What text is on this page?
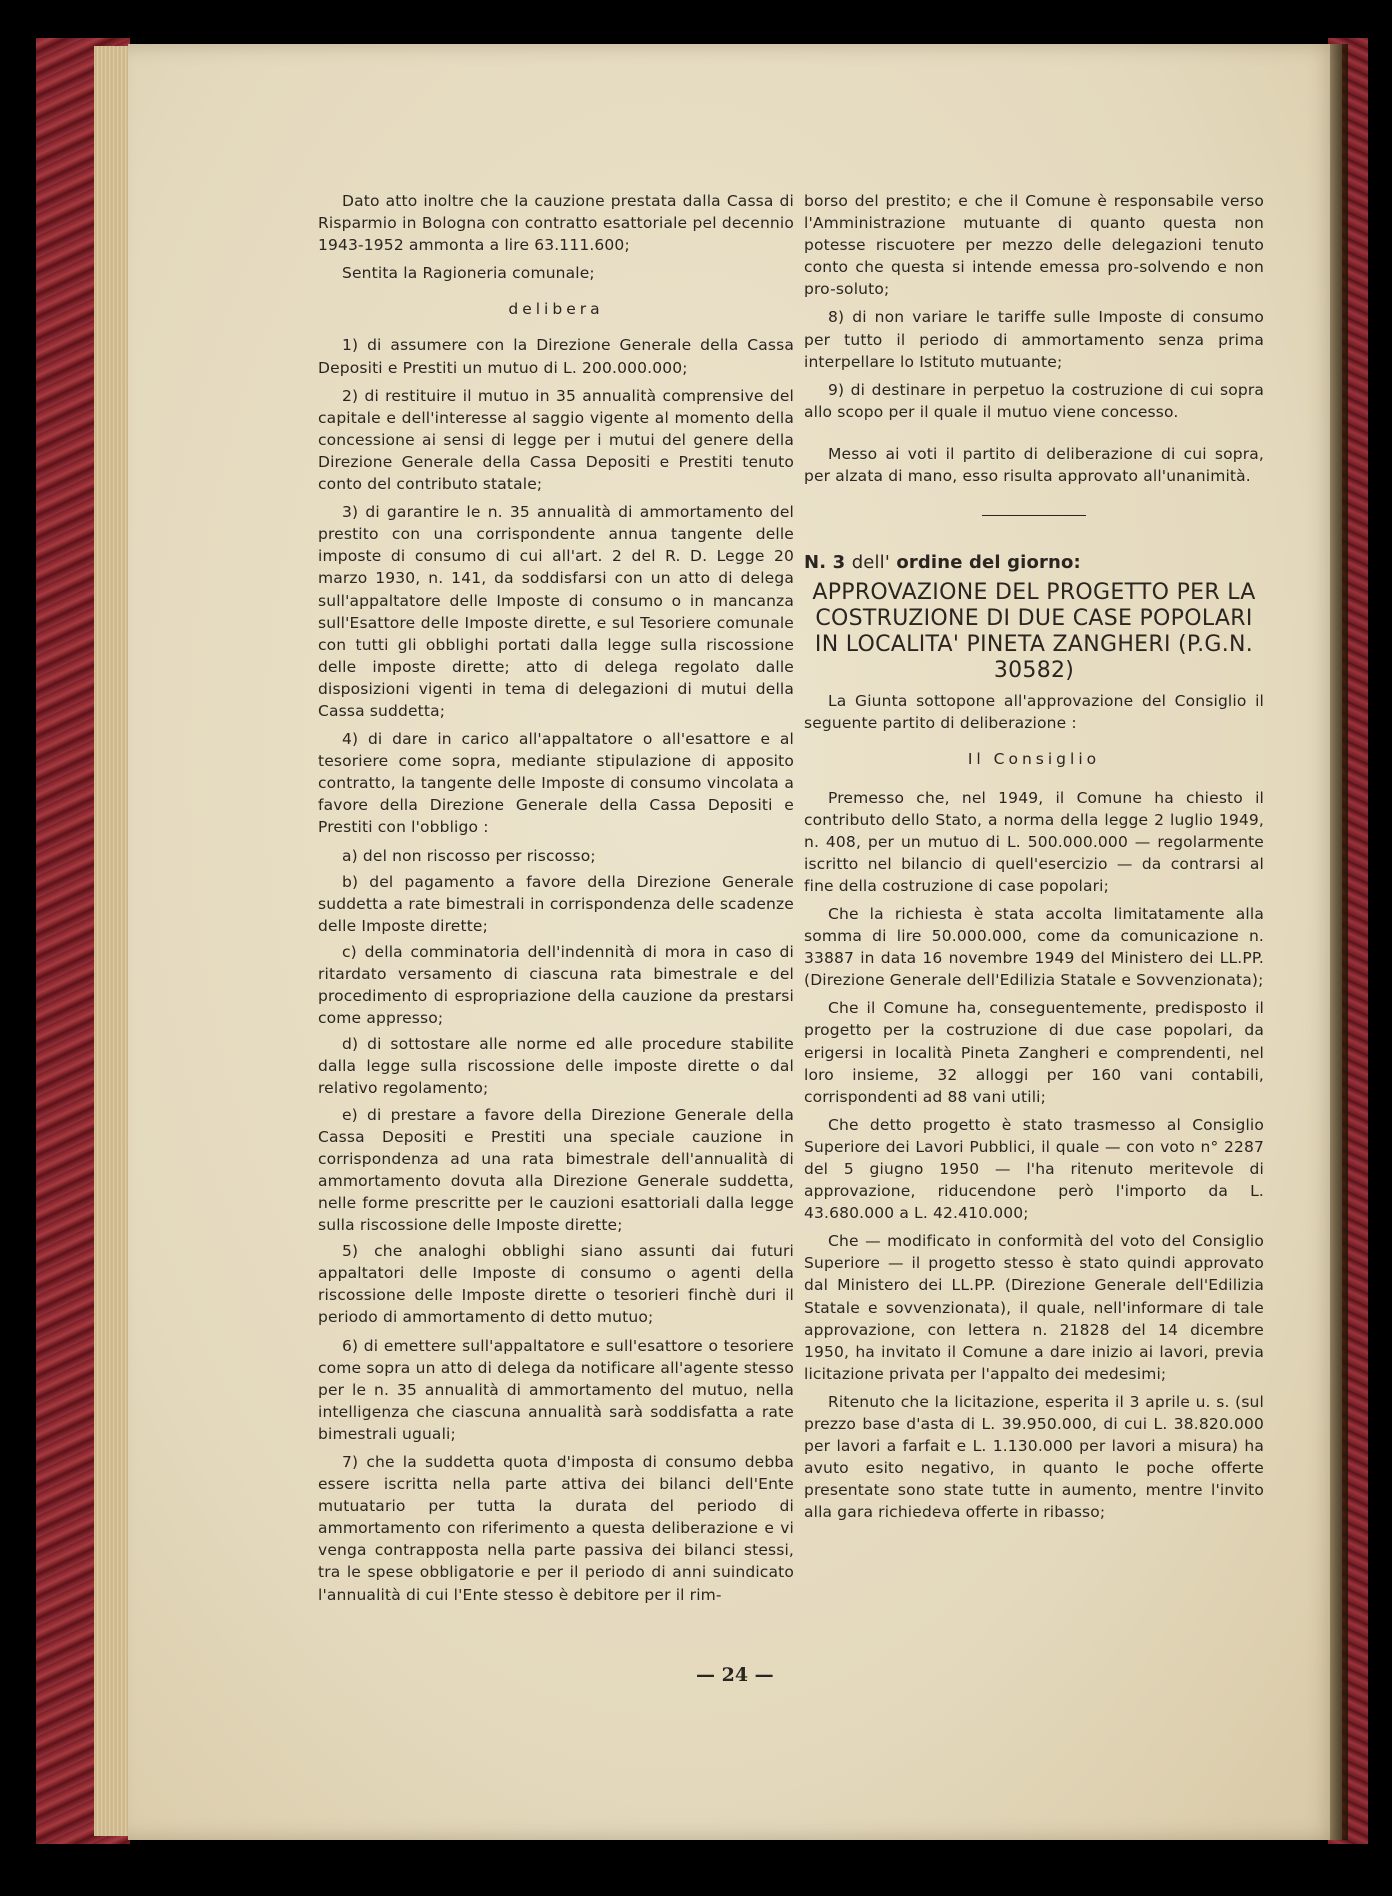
Dato atto inoltre che la cauzione prestata dalla Cassa di Risparmio in Bologna con contratto esattoriale pel decennio 1943-1952 ammonta a lire 63.111.600;

Sentita la Ragioneria comunale;

delibera

1) di assumere con la Direzione Generale della Cassa Depositi e Prestiti un mutuo di L. 200.000.000;

2) di restituire il mutuo in 35 annualità comprensive del capitale e dell'interesse al saggio vigente al momento della concessione ai sensi di legge per i mutui del genere della Direzione Generale della Cassa Depositi e Prestiti tenuto conto del contributo statale;

3) di garantire le n. 35 annualità di ammortamento del prestito con una corrispondente annua tangente delle imposte di consumo di cui all'art. 2 del R. D. Legge 20 marzo 1930, n. 141, da soddisfarsi con un atto di delega sull'appaltatore delle Imposte di consumo o in mancanza sull'Esattore delle Imposte dirette, e sul Tesoriere comunale con tutti gli obblighi portati dalla legge sulla riscossione delle imposte dirette; atto di delega regolato dalle disposizioni vigenti in tema di delegazioni di mutui della Cassa suddetta;

4) di dare in carico all'appaltatore o all'esattore e al tesoriere come sopra, mediante stipulazione di apposito contratto, la tangente delle Imposte di consumo vincolata a favore della Direzione Generale della Cassa Depositi e Prestiti con l'obbligo :

a) del non riscosso per riscosso;

b) del pagamento a favore della Direzione Generale suddetta a rate bimestrali in corrispondenza delle scadenze delle Imposte dirette;

c) della comminatoria dell'indennità di mora in caso di ritardato versamento di ciascuna rata bimestrale e del procedimento di espropriazione della cauzione da prestarsi come appresso;

d) di sottostare alle norme ed alle procedure stabilite dalla legge sulla riscossione delle imposte dirette o dal relativo regolamento;

e) di prestare a favore della Direzione Generale della Cassa Depositi e Prestiti una speciale cauzione in corrispondenza ad una rata bimestrale dell'annualità di ammortamento dovuta alla Direzione Generale suddetta, nelle forme prescritte per le cauzioni esattoriali dalla legge sulla riscossione delle Imposte dirette;

5) che analoghi obblighi siano assunti dai futuri appaltatori delle Imposte di consumo o agenti della riscossione delle Imposte dirette o tesorieri finchè duri il periodo di ammortamento di detto mutuo;

6) di emettere sull'appaltatore e sull'esattore o tesoriere come sopra un atto di delega da notificare all'agente stesso per le n. 35 annualità di ammortamento del mutuo, nella intelligenza che ciascuna annualità sarà soddisfatta a rate bimestrali uguali;

7) che la suddetta quota d'imposta di consumo debba essere iscritta nella parte attiva dei bilanci dell'Ente mutuatario per tutta la durata del periodo di ammortamento con riferimento a questa deliberazione e vi venga contrapposta nella parte passiva dei bilanci stessi, tra le spese obbligatorie e per il periodo di anni suindicato l'annualità di cui l'Ente stesso è debitore per il rim-

borso del prestito; e che il Comune è responsabile verso l'Amministrazione mutuante di quanto questa non potesse riscuotere per mezzo delle delegazioni tenuto conto che questa si intende emessa pro-solvendo e non pro-soluto;

8) di non variare le tariffe sulle Imposte di consumo per tutto il periodo di ammortamento senza prima interpellare lo Istituto mutuante;

9) di destinare in perpetuo la costruzione di cui sopra allo scopo per il quale il mutuo viene concesso.

Messo ai voti il partito di deliberazione di cui sopra, per alzata di mano, esso risulta approvato all'unanimità.

N. 3 dell' ordine del giorno:

APPROVAZIONE DEL PROGETTO PER LA COSTRUZIONE DI DUE CASE POPOLARI IN LOCALITA' PINETA ZANGHERI (P.G.N. 30582)

La Giunta sottopone all'approvazione del Consiglio il seguente partito di deliberazione :

Il Consiglio

Premesso che, nel 1949, il Comune ha chiesto il contributo dello Stato, a norma della legge 2 luglio 1949, n. 408, per un mutuo di L. 500.000.000 — regolarmente iscritto nel bilancio di quell'esercizio — da contrarsi al fine della costruzione di case popolari;

Che la richiesta è stata accolta limitatamente alla somma di lire 50.000.000, come da comunicazione n. 33887 in data 16 novembre 1949 del Ministero dei LL.PP. (Direzione Generale dell'Edilizia Statale e Sovvenzionata);

Che il Comune ha, conseguentemente, predisposto il progetto per la costruzione di due case popolari, da erigersi in località Pineta Zangheri e comprendenti, nel loro insieme, 32 alloggi per 160 vani contabili, corrispondenti ad 88 vani utili;

Che detto progetto è stato trasmesso al Consiglio Superiore dei Lavori Pubblici, il quale — con voto n° 2287 del 5 giugno 1950 — l'ha ritenuto meritevole di approvazione, riducendone però l'importo da L. 43.680.000 a L. 42.410.000;

Che — modificato in conformità del voto del Consiglio Superiore — il progetto stesso è stato quindi approvato dal Ministero dei LL.PP. (Direzione Generale dell'Edilizia Statale e sovvenzionata), il quale, nell'informare di tale approvazione, con lettera n. 21828 del 14 dicembre 1950, ha invitato il Comune a dare inizio ai lavori, previa licitazione privata per l'appalto dei medesimi;

Ritenuto che la licitazione, esperita il 3 aprile u. s. (sul prezzo base d'asta di L. 39.950.000, di cui L. 38.820.000 per lavori a farfait e L. 1.130.000 per lavori a misura) ha avuto esito negativo, in quanto le poche offerte presentate sono state tutte in aumento, mentre l'invito alla gara richiedeva offerte in ribasso;

— 24 —
